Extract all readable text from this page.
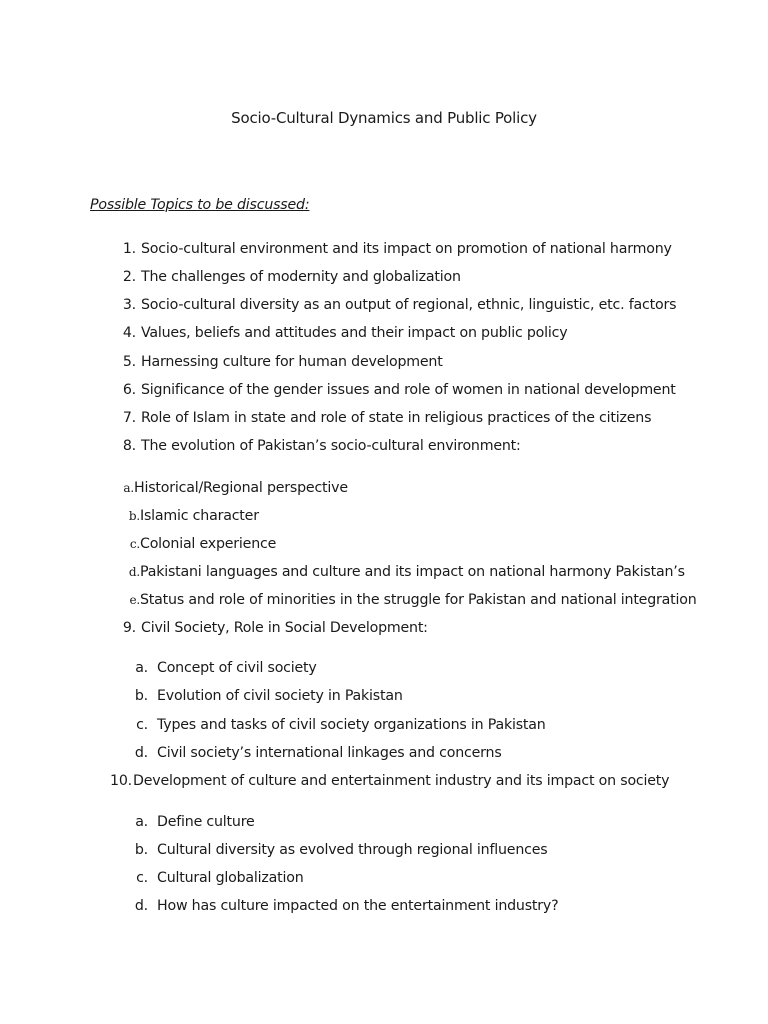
Socio-Cultural Dynamics and Public Policy
Possible Topics to be discussed:
1. Socio-cultural environment and its impact on promotion of national harmony
2. The challenges of modernity and globalization
3. Socio-cultural diversity as an output of regional, ethnic, linguistic, etc. factors
4. Values, beliefs and attitudes and their impact on public policy
5. Harnessing culture for human development
6. Significance of the gender issues and role of women in national development
7. Role of Islam in state and role of state in religious practices of the citizens
8. The evolution of Pakistan’s socio-cultural environment:
a. Historical/Regional perspective
b. Islamic character
c. Colonial experience
d. Pakistani languages and culture and its impact on national harmony Pakistan’s
e. Status and role of minorities in the struggle for Pakistan and national integration
9. Civil Society, Role in Social Development:
a. Concept of civil society
b. Evolution of civil society in Pakistan
c. Types and tasks of civil society organizations in Pakistan
d. Civil society’s international linkages and concerns
10. Development of culture and entertainment industry and its impact on society
a. Define culture
b. Cultural diversity as evolved through regional influences
c. Cultural globalization
d. How has culture impacted on the entertainment industry?
